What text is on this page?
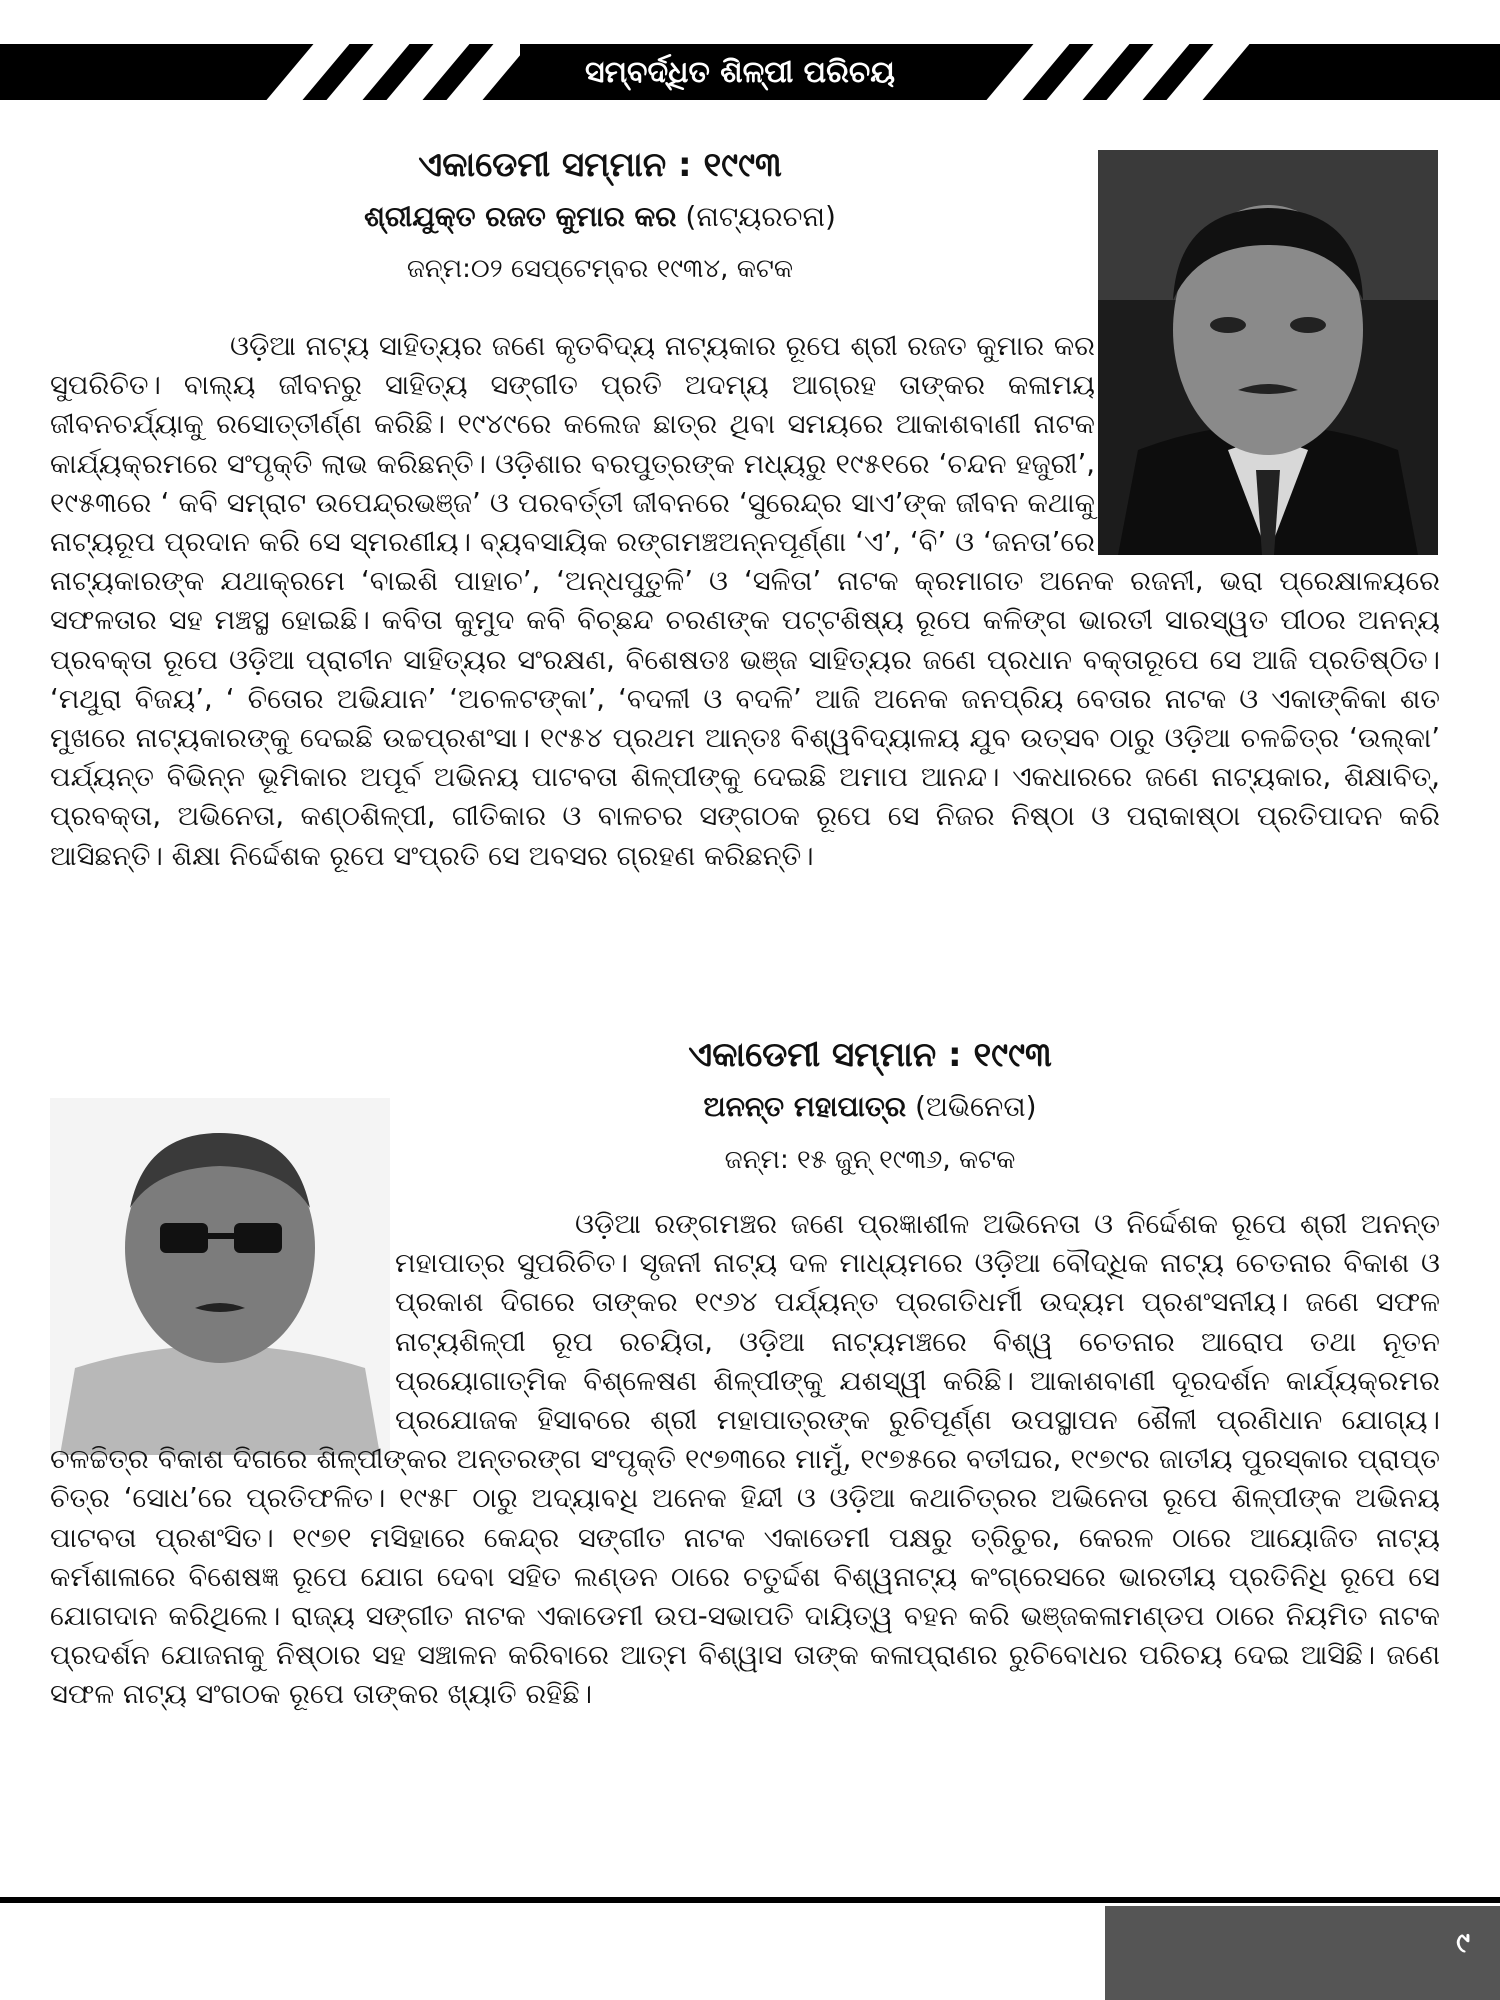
ସମ୍ବର୍ଦ୍ଧିତ ଶିଳ୍ପୀ ପରିଚୟ
ଏକାଡେମୀ ସମ୍ମାନ : ୧୯୯୩
ଶ୍ରୀଯୁକ୍ତ ରଜତ କୁମାର କର (ନାଟ୍ୟରଚନା)
ଜନ୍ମ:୦୨ ସେପ୍ଟେମ୍ବର ୧୯୩୪, କଟକ

ଓଡ଼ିଆ ନାଟ୍ୟ ସାହିତ୍ୟର ଜଣେ କୃତବିଦ୍ୟ ନାଟ୍ୟକାର ରୂପେ ଶ୍ରୀ ରଜତ କୁମାର କର ସୁପରିଚିତ। ବାଲ୍ୟ ଜୀବନରୁ ସାହିତ୍ୟ ସଙ୍ଗୀତ ପ୍ରତି ଅଦମ୍ୟ ଆଗ୍ରହ ତାଙ୍କର କଳାମୟ ଜୀବନଚର୍ଯ୍ୟାକୁ ରସୋତ୍ତୀର୍ଣ୍ଣ କରିଛି। ୧୯୪୯ରେ କଲେଜ ଛାତ୍ର ଥିବା ସମୟରେ ଆକାଶବାଣୀ ନାଟକ କାର୍ଯ୍ୟକ୍ରମରେ ସଂପୃକ୍ତି ଲାଭ କରିଛନ୍ତି। ଓଡ଼ିଶାର ବରପୁତ୍ରଙ୍କ ମଧ୍ୟରୁ ୧୯୫୧ରେ ‘ଚନ୍ଦନ ହଜୁରୀ’, ୧୯୫୩ରେ ‘ କବି ସମ୍ରାଟ ଉପେନ୍ଦ୍ରଭଞ୍ଜ’ ଓ ପରବର୍ତ୍ତୀ ଜୀବନରେ ‘ସୁରେନ୍ଦ୍ର ସାଏ’ଙ୍କ ଜୀବନ କଥାକୁ ନାଟ୍ୟରୂପ ପ୍ରଦାନ କରି ସେ ସ୍ମରଣୀୟ। ବ୍ୟବସାୟିକ ରଙ୍ଗମଞ୍ଚଅନ୍ନପୂର୍ଣ୍ଣା ‘ଏ’, ‘ବି’ ଓ ‘ଜନତା’ରେ ନାଟ୍ୟକାରଙ୍କ ଯଥାକ୍ରମେ ‘ବାଇଶି ପାହାଚ’, ‘ଅନ୍ଧପୁତୁଳି’ ଓ ‘ସଳିତା’ ନାଟକ କ୍ରମାଗତ ଅନେକ ରଜନୀ, ଭରା ପ୍ରେକ୍ଷାଳୟରେ ସଫଳତାର ସହ ମଞ୍ଚସ୍ଥ ହୋଇଛି। କବିତା କୁମୁଦ କବି ବିଚ୍ଛନ୍ଦ ଚରଣଙ୍କ ପଟ୍ଟଶିଷ୍ୟ ରୂପେ କଳିଙ୍ଗ ଭାରତୀ ସାରସ୍ୱତ ପୀଠର ଅନନ୍ୟ ପ୍ରବକ୍ତା ରୂପେ ଓଡ଼ିଆ ପ୍ରାଚୀନ ସାହିତ୍ୟର ସଂରକ୍ଷଣ, ବିଶେଷତଃ ଭଞ୍ଜ ସାହିତ୍ୟର ଜଣେ ପ୍ରଧାନ ବକ୍ତାରୂପେ ସେ ଆଜି ପ୍ରତିଷ୍ଠିତ। ‘ମଥୁରା ବିଜୟ’, ‘ ଚିତୋର ଅଭିଯାନ’ ‘ଅଚଳଟଙ୍କା’, ‘ବଦଳୀ ଓ ବଦଳି’ ଆଜି ଅନେକ ଜନପ୍ରିୟ ବେତାର ନାଟକ ଓ ଏକାଙ୍କିକା ଶତ ମୁଖରେ ନାଟ୍ୟକାରଙ୍କୁ ଦେଇଛି ଉଚ୍ଚପ୍ରଶଂସା। ୧୯୫୪ ପ୍ରଥମ ଆନ୍ତଃ ବିଶ୍ୱବିଦ୍ୟାଳୟ ଯୁବ ଉତ୍ସବ ଠାରୁ ଓଡ଼ିଆ ଚଳଚ୍ଚିତ୍ର ‘ଉଲ୍କା’ ପର୍ଯ୍ୟନ୍ତ ବିଭିନ୍ନ ଭୂମିକାର ଅପୂର୍ବ ଅଭିନୟ ପାଟବତା ଶିଳ୍ପୀଙ୍କୁ ଦେଇଛି ଅମାପ ଆନନ୍ଦ। ଏକଧାରରେ ଜଣେ ନାଟ୍ୟକାର, ଶିକ୍ଷାବିତ୍, ପ୍ରବକ୍ତା, ଅଭିନେତା, କଣ୍ଠଶିଳ୍ପୀ, ଗୀତିକାର ଓ ବାଳଚର ସଙ୍ଗଠକ ରୂପେ ସେ ନିଜର ନିଷ୍ଠା ଓ ପରାକାଷ୍ଠା ପ୍ରତିପାଦନ କରି ଆସିଛନ୍ତି। ଶିକ୍ଷା ନିର୍ଦ୍ଦେଶକ ରୂପେ ସଂପ୍ରତି ସେ ଅବସର ଗ୍ରହଣ କରିଛନ୍ତି।

ଏକାଡେମୀ ସମ୍ମାନ : ୧୯୯୩
ଅନନ୍ତ ମହାପାତ୍ର (ଅଭିନେତା)
ଜନ୍ମ: ୧୫ ଜୁନ୍ ୧୯୩୬, କଟକ

ଓଡ଼ିଆ ରଙ୍ଗମଞ୍ଚର ଜଣେ ପ୍ରଜ୍ଞାଶୀଳ ଅଭିନେତା ଓ ନିର୍ଦ୍ଦେଶକ ରୂପେ ଶ୍ରୀ ଅନନ୍ତ ମହାପାତ୍ର ସୁପରିଚିତ। ସୃଜନୀ ନାଟ୍ୟ ଦଳ ମାଧ୍ୟମରେ ଓଡ଼ିଆ ବୌଦ୍ଧିକ ନାଟ୍ୟ ଚେତନାର ବିକାଶ ଓ ପ୍ରକାଶ ଦିଗରେ ତାଙ୍କର ୧୯୬୪ ପର୍ଯ୍ୟନ୍ତ ପ୍ରଗତିଧର୍ମୀ ଉଦ୍ୟମ ପ୍ରଶଂସନୀୟ। ଜଣେ ସଫଳ ନାଟ୍ୟଶିଳ୍ପୀ ରୂପ ରଚୟିତା, ଓଡ଼ିଆ ନାଟ୍ୟମଞ୍ଚରେ ବିଶ୍ୱ ଚେତନାର ଆରୋପ ତଥା ନୂତନ ପ୍ରୟୋଗାତ୍ମିକ ବିଶ୍ଳେଷଣ ଶିଳ୍ପୀଙ୍କୁ ଯଶସ୍ୱୀ କରିଛି। ଆକାଶବାଣୀ ଦୂରଦର୍ଶନ କାର୍ଯ୍ୟକ୍ରମର ପ୍ରଯୋଜକ ହିସାବରେ ଶ୍ରୀ ମହାପାତ୍ରଙ୍କ ରୁଚିପୂର୍ଣ୍ଣ ଉପସ୍ଥାପନ ଶୈଳୀ ପ୍ରଣିଧାନ ଯୋଗ୍ୟ। ଚଳଚ୍ଚିତ୍ର ବିକାଶ ଦିଗରେ ଶିଳ୍ପୀଙ୍କର ଅନ୍ତରଙ୍ଗ ସଂପୃକ୍ତି ୧୯୭୩ରେ ମାମୁଁ, ୧୯୭୫ରେ ବତୀଘର, ୧୯୭୯ର ଜାତୀୟ ପୁରସ୍କାର ପ୍ରାପ୍ତ ଚିତ୍ର ‘ସୋଧ’ରେ ପ୍ରତିଫଳିତ। ୧୯୫୮ ଠାରୁ ଅଦ୍ୟାବଧି ଅନେକ ହିନ୍ଦୀ ଓ ଓଡ଼ିଆ କଥାଚିତ୍ରର ଅଭିନେତା ରୂପେ ଶିଳ୍ପୀଙ୍କ ଅଭିନୟ ପାଟବତା ପ୍ରଶଂସିତ। ୧୯୭୧ ମସିହାରେ କେନ୍ଦ୍ର ସଙ୍ଗୀତ ନାଟକ ଏକାଡେମୀ ପକ୍ଷରୁ ତ୍ରିଚୁର, କେରଳ ଠାରେ ଆୟୋଜିତ ନାଟ୍ୟ କର୍ମଶାଳାରେ ବିଶେଷଜ୍ଞ ରୂପେ ଯୋଗ ଦେବା ସହିତ ଲଣ୍ଡନ ଠାରେ ଚତୁର୍ଦ୍ଦଶ ବିଶ୍ୱନାଟ୍ୟ କଂଗ୍ରେସରେ ଭାରତୀୟ ପ୍ରତିନିଧି ରୂପେ ସେ ଯୋଗଦାନ କରିଥିଲେ। ରାଜ୍ୟ ସଙ୍ଗୀତ ନାଟକ ଏକାଡେମୀ ଉପ-ସଭାପତି ଦାୟିତ୍ୱ ବହନ କରି ଭଞ୍ଜକଳାମଣ୍ଡପ ଠାରେ ନିୟମିତ ନାଟକ ପ୍ରଦର୍ଶନ ଯୋଜନାକୁ ନିଷ୍ଠାର ସହ ସଞ୍ଚାଳନ କରିବାରେ ଆତ୍ମ ବିଶ୍ୱାସ ତାଙ୍କ କଳାପ୍ରାଣର ରୁଚିବୋଧର ପରିଚୟ ଦେଇ ଆସିଛି। ଜଣେ ସଫଳ ନାଟ୍ୟ ସଂଗଠକ ରୂପେ ତାଙ୍କର ଖ୍ୟାତି ରହିଛି।

୯
